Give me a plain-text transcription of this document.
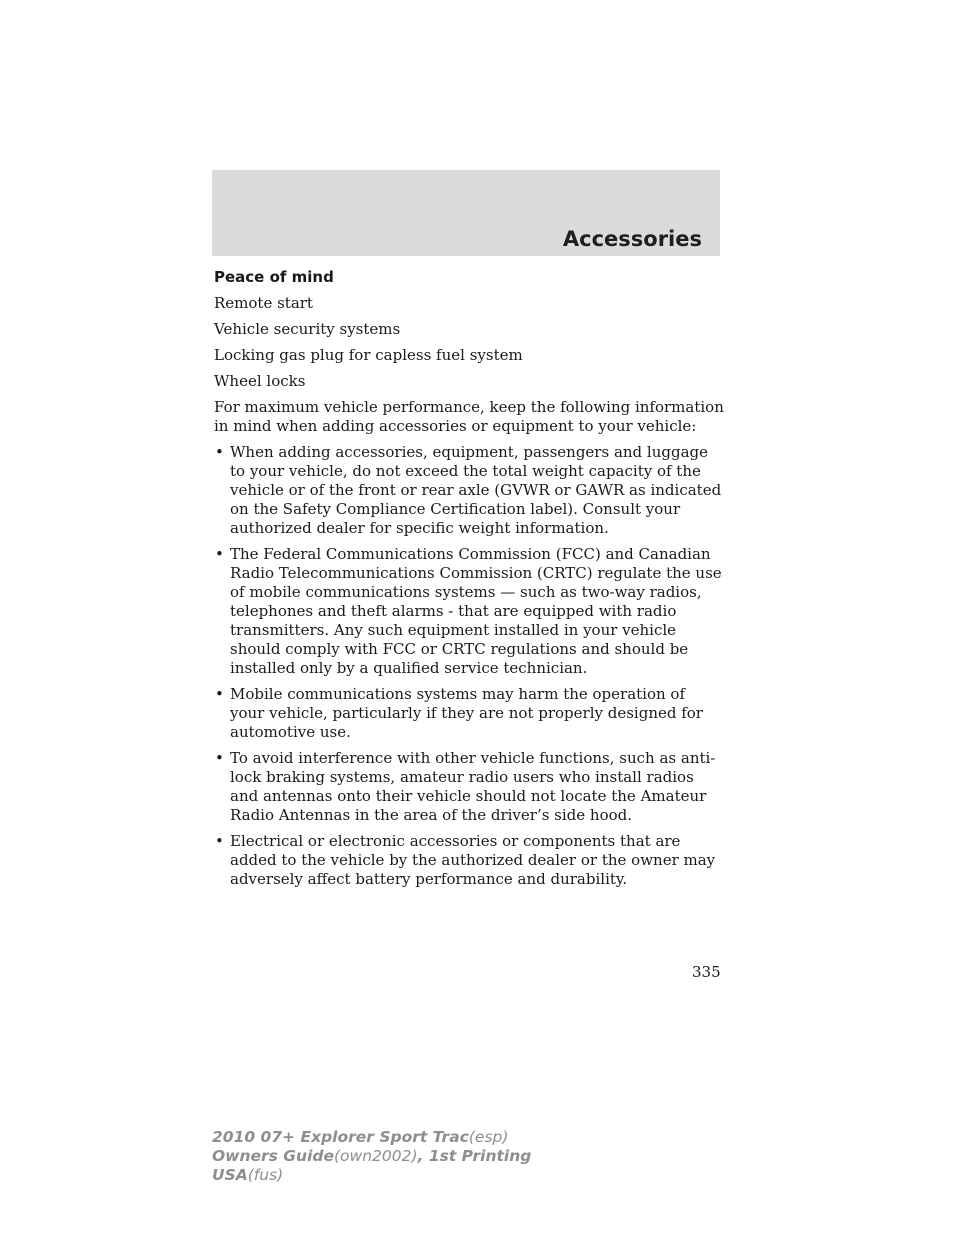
Accessories

Peace of mind

Remote start

Vehicle security systems

Locking gas plug for capless fuel system

Wheel locks

For maximum vehicle performance, keep the following information in mind when adding accessories or equipment to your vehicle:

• When adding accessories, equipment, passengers and luggage to your vehicle, do not exceed the total weight capacity of the vehicle or of the front or rear axle (GVWR or GAWR as indicated on the Safety Compliance Certification label). Consult your authorized dealer for specific weight information.
• The Federal Communications Commission (FCC) and Canadian Radio Telecommunications Commission (CRTC) regulate the use of mobile communications systems — such as two-way radios, telephones and theft alarms - that are equipped with radio transmitters. Any such equipment installed in your vehicle should comply with FCC or CRTC regulations and should be installed only by a qualified service technician.
• Mobile communications systems may harm the operation of your vehicle, particularly if they are not properly designed for automotive use.
• To avoid interference with other vehicle functions, such as anti-lock braking systems, amateur radio users who install radios and antennas onto their vehicle should not locate the Amateur Radio Antennas in the area of the driver’s side hood.
• Electrical or electronic accessories or components that are added to the vehicle by the authorized dealer or the owner may adversely affect battery performance and durability.
335
2010 07+ Explorer Sport Trac(esp)
Owners Guide(own2002), 1st Printing
USA(fus)
